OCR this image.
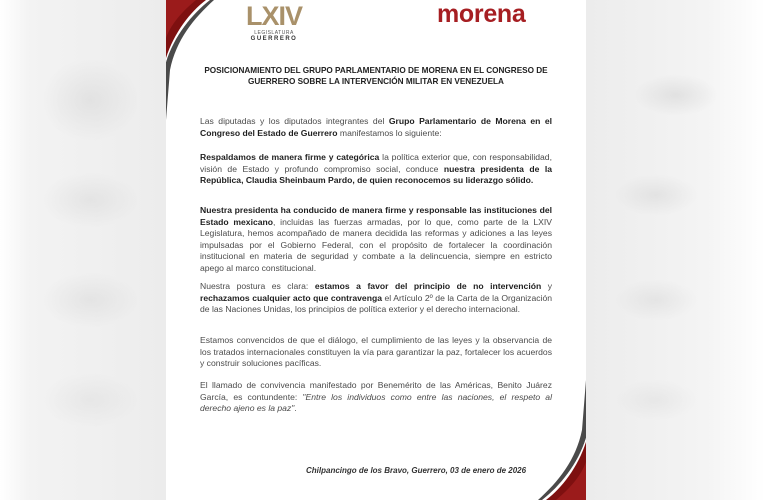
LXIV
LEGISLATURA
GUERRERO
morena
POSICIONAMIENTO DEL GRUPO PARLAMENTARIO DE MORENA EN EL CONGRESO DE
GUERRERO SOBRE LA INTERVENCIÓN MILITAR EN VENEZUELA

Las diputadas y los diputados integrantes del Grupo Parlamentario de Morena en el Congreso del Estado de Guerrero manifestamos lo siguiente:

Respaldamos de manera firme y categórica la política exterior que, con responsabilidad, visión de Estado y profundo compromiso social, conduce nuestra presidenta de la República, Claudia Sheinbaum Pardo, de quien reconocemos su liderazgo sólido.

Nuestra presidenta ha conducido de manera firme y responsable las instituciones del Estado mexicano, incluidas las fuerzas armadas, por lo que, como parte de la LXIV Legislatura, hemos acompañado de manera decidida las reformas y adiciones a las leyes impulsadas por el Gobierno Federal, con el propósito de fortalecer la coordinación institucional en materia de seguridad y combate a la delincuencia, siempre en estricto apego al marco constitucional.

Nuestra postura es clara: estamos a favor del principio de no intervención y rechazamos cualquier acto que contravenga el Artículo 2º de la Carta de la Organización de las Naciones Unidas, los principios de política exterior y el derecho internacional.

Estamos convencidos de que el diálogo, el cumplimiento de las leyes y la observancia de los tratados internacionales constituyen la vía para garantizar la paz, fortalecer los acuerdos y construir soluciones pacíficas.

El llamado de convivencia manifestado por Benemérito de las Américas, Benito Juárez García, es contundente: "Entre los individuos como entre las naciones, el respeto al derecho ajeno es la paz".

Chilpancingo de los Bravo, Guerrero, 03 de enero de 2026
